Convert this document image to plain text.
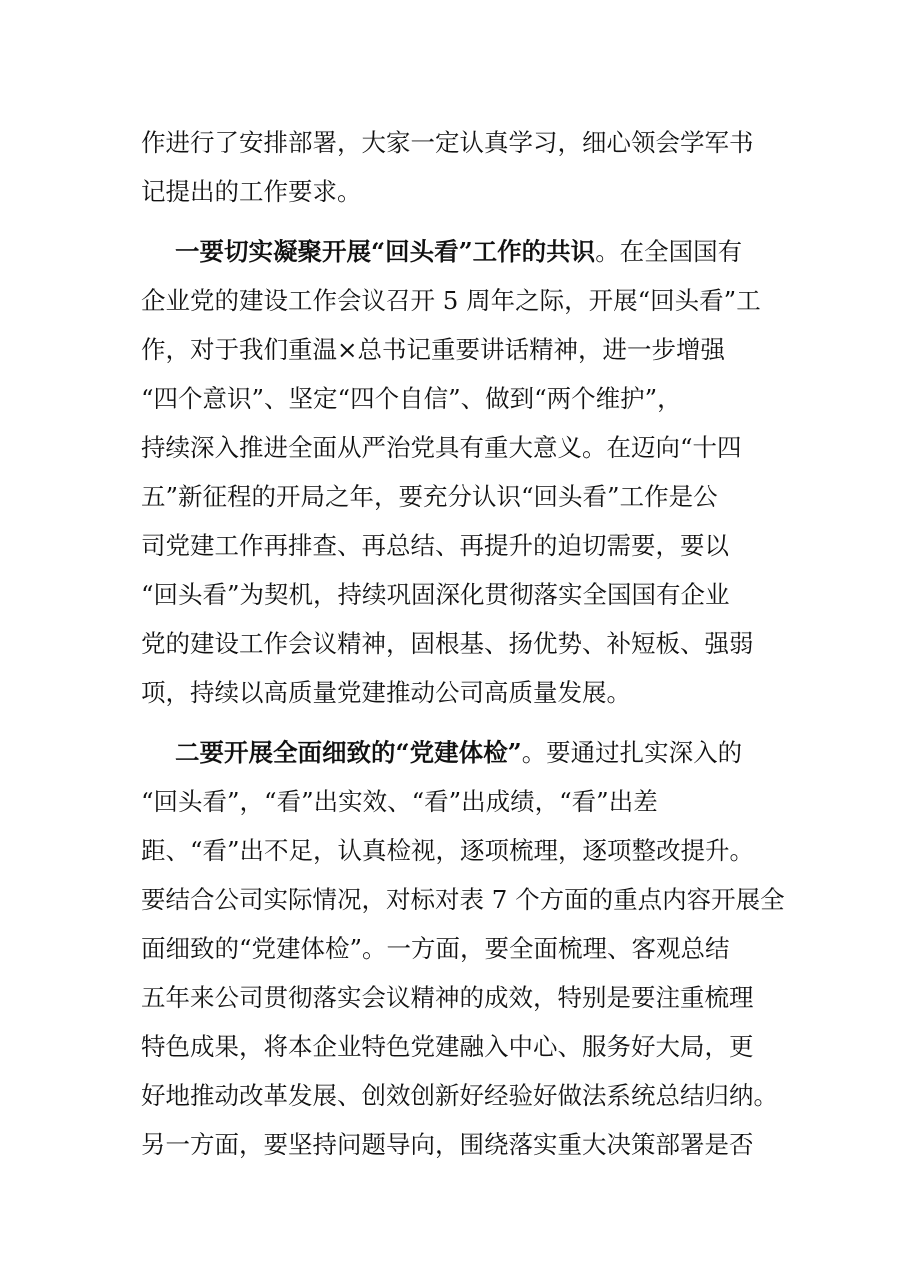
作进行了安排部署，大家一定认真学习，细心领会学军书
记提出的工作要求。
一要切实凝聚开展“回头看”工作的共识。在全国国有
企业党的建设工作会议召开 5 周年之际，开展“回头看”工
作，对于我们重温×总书记重要讲话精神，进一步增强
“四个意识”、坚定“四个自信”、做到“两个维护”，
持续深入推进全面从严治党具有重大意义。在迈向“十四
五”新征程的开局之年，要充分认识“回头看”工作是公
司党建工作再排查、再总结、再提升的迫切需要，要以
“回头看”为契机，持续巩固深化贯彻落实全国国有企业
党的建设工作会议精神，固根基、扬优势、补短板、强弱
项，持续以高质量党建推动公司高质量发展。
二要开展全面细致的“党建体检”。要通过扎实深入的
“回头看”，“看”出实效、“看”出成绩，“看”出差
距、“看”出不足，认真检视，逐项梳理，逐项整改提升。
要结合公司实际情况，对标对表 7 个方面的重点内容开展全
面细致的“党建体检”。一方面，要全面梳理、客观总结
五年来公司贯彻落实会议精神的成效，特别是要注重梳理
特色成果，将本企业特色党建融入中心、服务好大局，更
好地推动改革发展、创效创新好经验好做法系统总结归纳。
另一方面，要坚持问题导向，围绕落实重大决策部署是否
